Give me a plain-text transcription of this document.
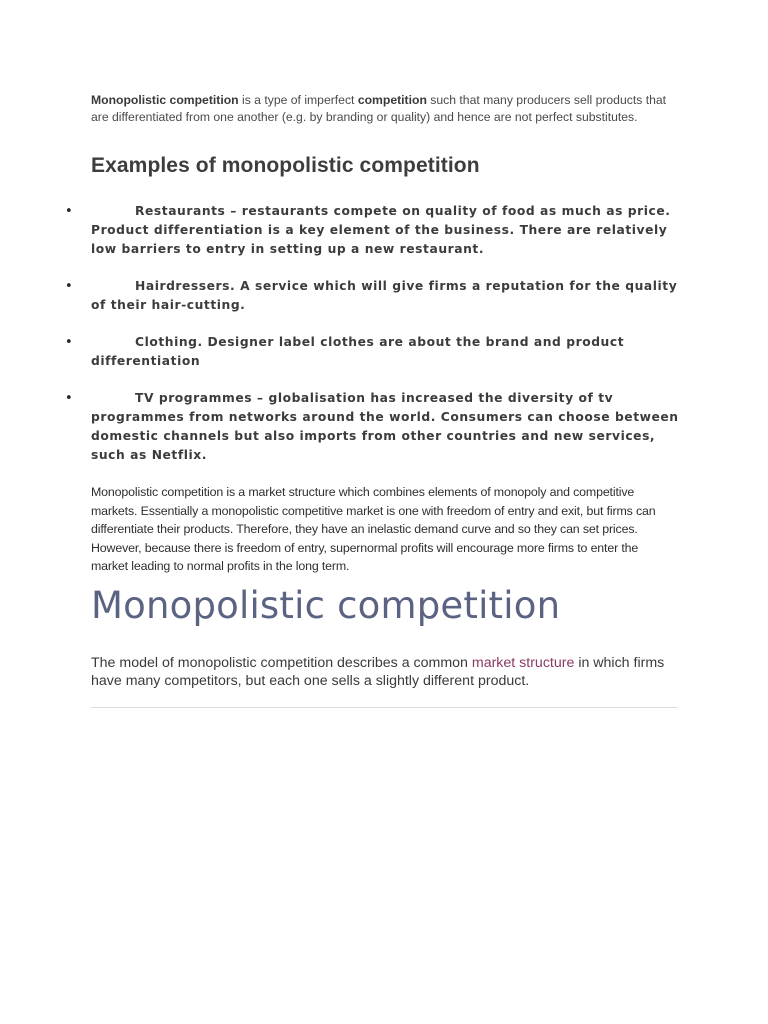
Monopolistic competition is a type of imperfect competition such that many producers sell products that are differentiated from one another (e.g. by branding or quality) and hence are not perfect substitutes.

Examples of monopolistic competition
•	Restaurants – restaurants compete on quality of food as much as price. Product differentiation is a key element of the business. There are relatively low barriers to entry in setting up a new restaurant.
•	Hairdressers. A service which will give firms a reputation for the quality of their hair-cutting.
•	Clothing. Designer label clothes are about the brand and product differentiation
•	TV programmes – globalisation has increased the diversity of tv programmes from networks around the world. Consumers can choose between domestic channels but also imports from other countries and new services, such as Netflix.

Monopolistic competition is a market structure which combines elements of monopoly and competitive markets. Essentially a monopolistic competitive market is one with freedom of entry and exit, but firms can differentiate their products. Therefore, they have an inelastic demand curve and so they can set prices. However, because there is freedom of entry, supernormal profits will encourage more firms to enter the market leading to normal profits in the long term.

Monopolistic competition

The model of monopolistic competition describes a common market structure in which firms have many competitors, but each one sells a slightly different product.
